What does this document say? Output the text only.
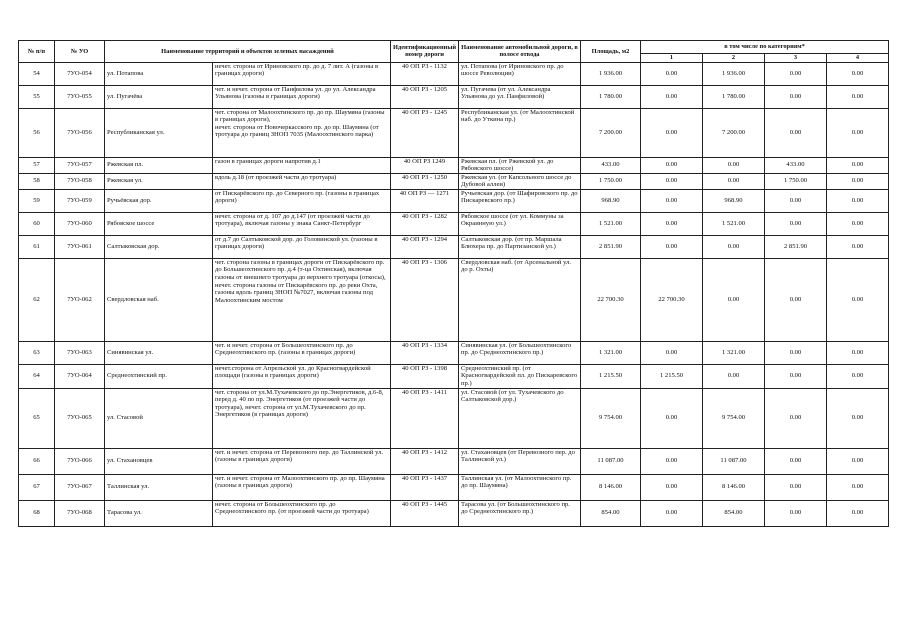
№ п/п	№ УО	Наименование территорий и объектов зеленых насаждений		Идентификационный номер дороги	Наименование автомобильной дороги, в полосе отвода	Площадь, м2	в том числе по категориям*			
							1	2	3	4
54	7УО-054	ул. Потапова	нечет. сторона от Ириновского пр. до д. 7 лит. А (газоны в границах дороги)	40 ОП РЗ - 1132	ул. Потапова (от Ириновского пр. до шоссе Революции)	1 936.00	0.00	1 936.00	0.00	0.00
55	7УО-055	ул. Пугачёва	чет. и нечет. сторона от Панфилова ул. до ул. Александра Ульянова (газоны в границах дороги)	40 ОП РЗ - 1205	ул. Пугачева (от ул. Александра Ульянова до ул. Панфиловой)	1 780.00	0.00	1 780.00	0.00	0.00
56	7УО-056	Республиканская ул.	чет. сторона от Малоохтинского пр. до пр. Шаумяна (газоны в границах дороги),
нечет. сторона от Новочеркасского пр. до пр. Шаумяна (от тротуара до границ ЗНОП 7035 (Малоохтинского парка)	40 ОП РЗ - 1245	Республиканская ул. (от Малоохтинской наб. до Уткина пр.)	7 200.00	0.00	7 200.00	0.00	0.00
57	7УО-057	Ржевская пл.	газон в границах дороги напротив д.1	40 ОП РЗ 1249	Ржевская пл. (от Ржевской ул. до Рябовского шоссе)	433.00	0.00	0.00	433.00	0.00
58	7УО-058	Ржевская ул.	вдоль д.18 (от проезжей части до тротуара)	40 ОП РЗ - 1250	Ржевская ул. (от Капсольного шоссе до Дубовой аллеи)	1 750.00	0.00	0.00	1 750.00	0.00
59	7УО-059	Ручьёвская дор.	от Пискарёвского пр. до Северного пр. (газоны в границах дороги)	40 ОП РЗ — 1271	Ручьевская дор. (от Шафировского пр. до Пискаревского пр.)	968.90	0.00	968.90	0.00	0.00
60	7УО-060	Рябовское шоссе	нечет. сторона от д. 107 до д.147 (от проезжей части до тротуара), включая газоны у знака Санкт-Петербург	40 ОП РЗ - 1282	Рябовское шоссе (от ул. Коммуны за Окраинную ул.)	1 521.00	0.00	1 521.00	0.00	0.00
61	7УО-061	Салтыковская дор.	от д.7 до Салтыковской дор. до Головинской ул. (газоны в границах дороги)	40 ОП РЗ - 1294	Салтыковская дор. (от пр. Маршала Блюхера пр. до Партизанской ул.)	2 851.90	0.00	0.00	2 851.90	0.00
62	7УО-062	Свердловская наб.	чет. сторона газоны в границах дороги от Пискарёвского пр. до Большеохтинского пр. д.4 (т-ца Охтинская), включая газоны от внешнего тротуара до верхнего тротуара (откосы), нечет. сторона газоны от Пискарёвского пр. до реки Охта, газоны вдоль границ ЗНОП №7027, включая газоны под Малоохтинским мостом	40 ОП РЗ - 1306	Свердловская наб. (от Арсенальной ул. до р. Охты)	22 700.30	22 700.30	0.00	0.00	0.00
63	7УО-063	Синявинская ул.	чет. и нечет. сторона от Большеохтинского пр. до Среднеохтинского пр. (газоны в границах дороги)	40 ОП РЗ - 1334	Синявинская ул. (от Большеохтинского пр. до Среднеохтинского пр.)	1 321.00	0.00	1 321.00	0.00	0.00
64	7УО-064	Среднеохтинский пр.	нечет.сторона от Апрельской ул. до Красногвардейской площади (газоны в границах дороги)	40 ОП РЗ - 1398	Среднеохтинский пр. (от Красногвардейской пл. до Пискаревского пр.)	1 215.50	1 215.50	0.00	0.00	0.00
65	7УО-065	ул. Стасовой	чет. сторона от ул.М.Тухачевского до пр.Энергетиков, д.6-8, перед д. 40 по пр. Энергетиков (от проезжей части до тротуара), нечет. сторона от ул.М.Тухачевского до пр. Энергетиков (в границах дороги)	40 ОП РЗ - 1411	ул. Стасовой (от ул. Тухачевского до Салтыковской дор.)	9 754.00	0.00	9 754.00	0.00	0.00
66	7УО-066	ул. Стахановцев	чет. и нечет. сторона от Перевозного пер. до Таллинской ул. (газоны в границах дороги)	40 ОП РЗ - 1412	ул. Стахановцев (от Перевозного пер. до Таллинской ул.)	11 087.00	0.00	11 087.00	0.00	0.00
67	7УО-067	Таллинская ул.	чет. и нечет. сторона от Малоохтинского пр. до пр. Шаумяна (газоны в границах дороги)	40 ОП РЗ - 1437	Таллинская ул. (от Малоохтинского пр. до пр. Шаумяна)	8 146.00	0.00	8 146.00	0.00	0.00
68	7УО-068	Тарасова ул.	нечет. сторона от Большеохтинского пр. до Среднеохтинского пр. (от проезжей части до тротуара)	40 ОП РЗ - 1445	Тарасова ул. (от Большеохтинского пр. до Среднеохтинского пр.)	854.00	0.00	854.00	0.00	0.00
